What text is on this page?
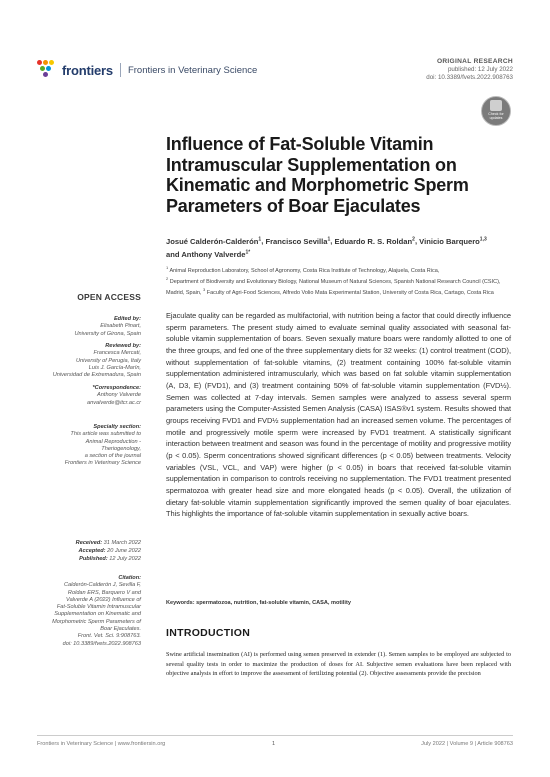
frontiers Frontiers in Veterinary Science
ORIGINAL RESEARCH
published: 12 July 2022
doi: 10.3389/fvets.2022.908763
Check for updates
Influence of Fat-Soluble Vitamin Intramuscular Supplementation on Kinematic and Morphometric Sperm Parameters of Boar Ejaculates
Josué Calderón-Calderón$^1$, Francisco Sevilla$^1$, Eduardo R. S. Roldan$^2$, Vinicio Barquero$^{1,3}$
and Anthony Valverde$^{1*}$
$^1$ Animal Reproduction Laboratory, School of Agronomy, Costa Rica Institute of Technology, Alajuela, Costa Rica,
$^2$ Department of Biodiversity and Evolutionary Biology, National Museum of Natural Sciences, Spanish National Research Council (CSIC), Madrid, Spain, $^3$ Faculty of Agri-Food Sciences, Alfredo Volio Mata Experimental Station, University of Costa Rica, Cartago, Costa Rica

Ejaculate quality can be regarded as multifactorial, with nutrition being a factor that could directly influence sperm parameters. The present study aimed to evaluate seminal quality associated with seasonal fat-soluble vitamin supplementation of boars. Seven sexually mature boars were randomly allotted to one of the three groups, and fed one of the three supplementary diets for 32 weeks: (1) control treatment (COD), without supplementation of fat-soluble vitamins, (2) treatment containing 100% fat-soluble vitamin supplementation administered intramuscularly, which was based on fat soluble vitamin supplementation (A, D3, E) (FVD1), and (3) treatment containing 50% of fat-soluble vitamin supplementation (FVD½). Semen was collected at 7-day intervals. Semen samples were analyzed to assess several sperm parameters using the Computer-Assisted Semen Analysis (CASA) ISAS®v1 system. Results showed that groups receiving FVD1 and FVD½ supplementation had an increased semen volume. The percentages of motile and progressively motile sperm were increased by FVD1 treatment. A statistically significant interaction between treatment and season was found in the percentage of motility and progressive motility (p < 0.05). Sperm concentrations showed significant differences (p < 0.05) between treatments. Velocity variables (VSL, VCL, and VAP) were higher (p < 0.05) in boars that received fat-soluble vitamin supplementation in comparison to controls receiving no supplementation. The FVD1 treatment presented spermatozoa with greater head size and more elongated heads (p < 0.05). Overall, the utilization of dietary fat-soluble vitamin supplementation significantly improved the semen quality of boar ejaculates. This highlights the importance of fat-soluble vitamin supplementation in sexually active boars.

Keywords: spermatozoa, nutrition, fat-soluble vitamin, CASA, motility
INTRODUCTION

Swine artificial insemination (AI) is performed using semen preserved in extender (1). Semen samples to be employed are subjected to several quality tests in order to maximize the production of doses for AI. Subjective semen evaluations have been replaced with objective analysis in effort to improve the assessment of fertilizing potential (2). Objective assessments provide the precision

OPEN ACCESS
Edited by:
Elisabeth Pinart,
University of Girona, Spain
Reviewed by:
Francesca Mercati,
University of Perugia, Italy
Luis J. García-Marín,
Universidad de Extremadura, Spain
*Correspondence:
Anthony Valverde
anvalverde@itcr.ac.cr
Specialty section:
This article was submitted to
Animal Reproduction -
Theriogenology,
a section of the journal
Frontiers in Veterinary Science
Received: 31 March 2022
Accepted: 20 June 2022
Published: 12 July 2022
Citation:
Calderón-Calderón J, Sevilla F,
Roldan ERS, Barquero V and
Valverde A (2022) Influence of
Fat-Soluble Vitamin Intramuscular
Supplementation on Kinematic and
Morphometric Sperm Parameters of
Boar Ejaculates.
Front. Vet. Sci. 9:908763.
doi: 10.3389/fvets.2022.908763
Frontiers in Veterinary Science | www.frontiersin.org	1	July 2022 | Volume 9 | Article 908763
